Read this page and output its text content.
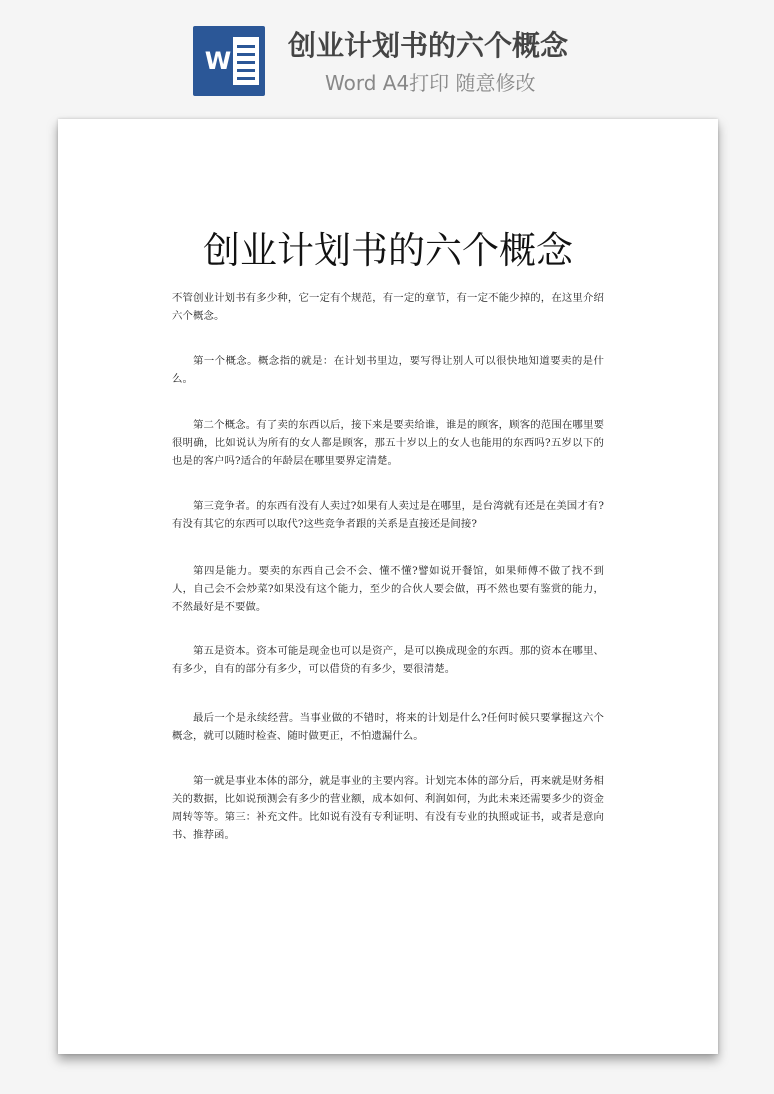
W 创业计划书的六个概念
Word A4打印 随意修改
创业计划书的六个概念
不管创业计划书有多少种，它一定有个规范，有一定的章节，有一定不能少掉的，在这里介绍六个概念。
第一个概念。概念指的就是：在计划书里边，要写得让别人可以很快地知道要卖的是什么。
第二个概念。有了卖的东西以后，接下来是要卖给谁，谁是的顾客，顾客的范围在哪里要很明确，比如说认为所有的女人都是顾客，那五十岁以上的女人也能用的东西吗?五岁以下的也是的客户吗?适合的年龄层在哪里要界定清楚。
第三竞争者。的东西有没有人卖过?如果有人卖过是在哪里，是台湾就有还是在美国才有?有没有其它的东西可以取代?这些竞争者跟的关系是直接还是间接?
第四是能力。要卖的东西自己会不会、懂不懂?譬如说开餐馆，如果师傅不做了找不到人，自己会不会炒菜?如果没有这个能力，至少的合伙人要会做，再不然也要有鉴赏的能力，不然最好是不要做。
第五是资本。资本可能是现金也可以是资产，是可以换成现金的东西。那的资本在哪里、有多少，自有的部分有多少，可以借贷的有多少，要很清楚。
最后一个是永续经营。当事业做的不错时，将来的计划是什么?任何时候只要掌握这六个概念，就可以随时检查、随时做更正，不怕遗漏什么。
第一就是事业本体的部分，就是事业的主要内容。计划完本体的部分后，再来就是财务相关的数据，比如说预测会有多少的营业额，成本如何、利润如何，为此未来还需要多少的资金周转等等。第三：补充文件。比如说有没有专利证明、有没有专业的执照或证书，或者是意向书、推荐函。
